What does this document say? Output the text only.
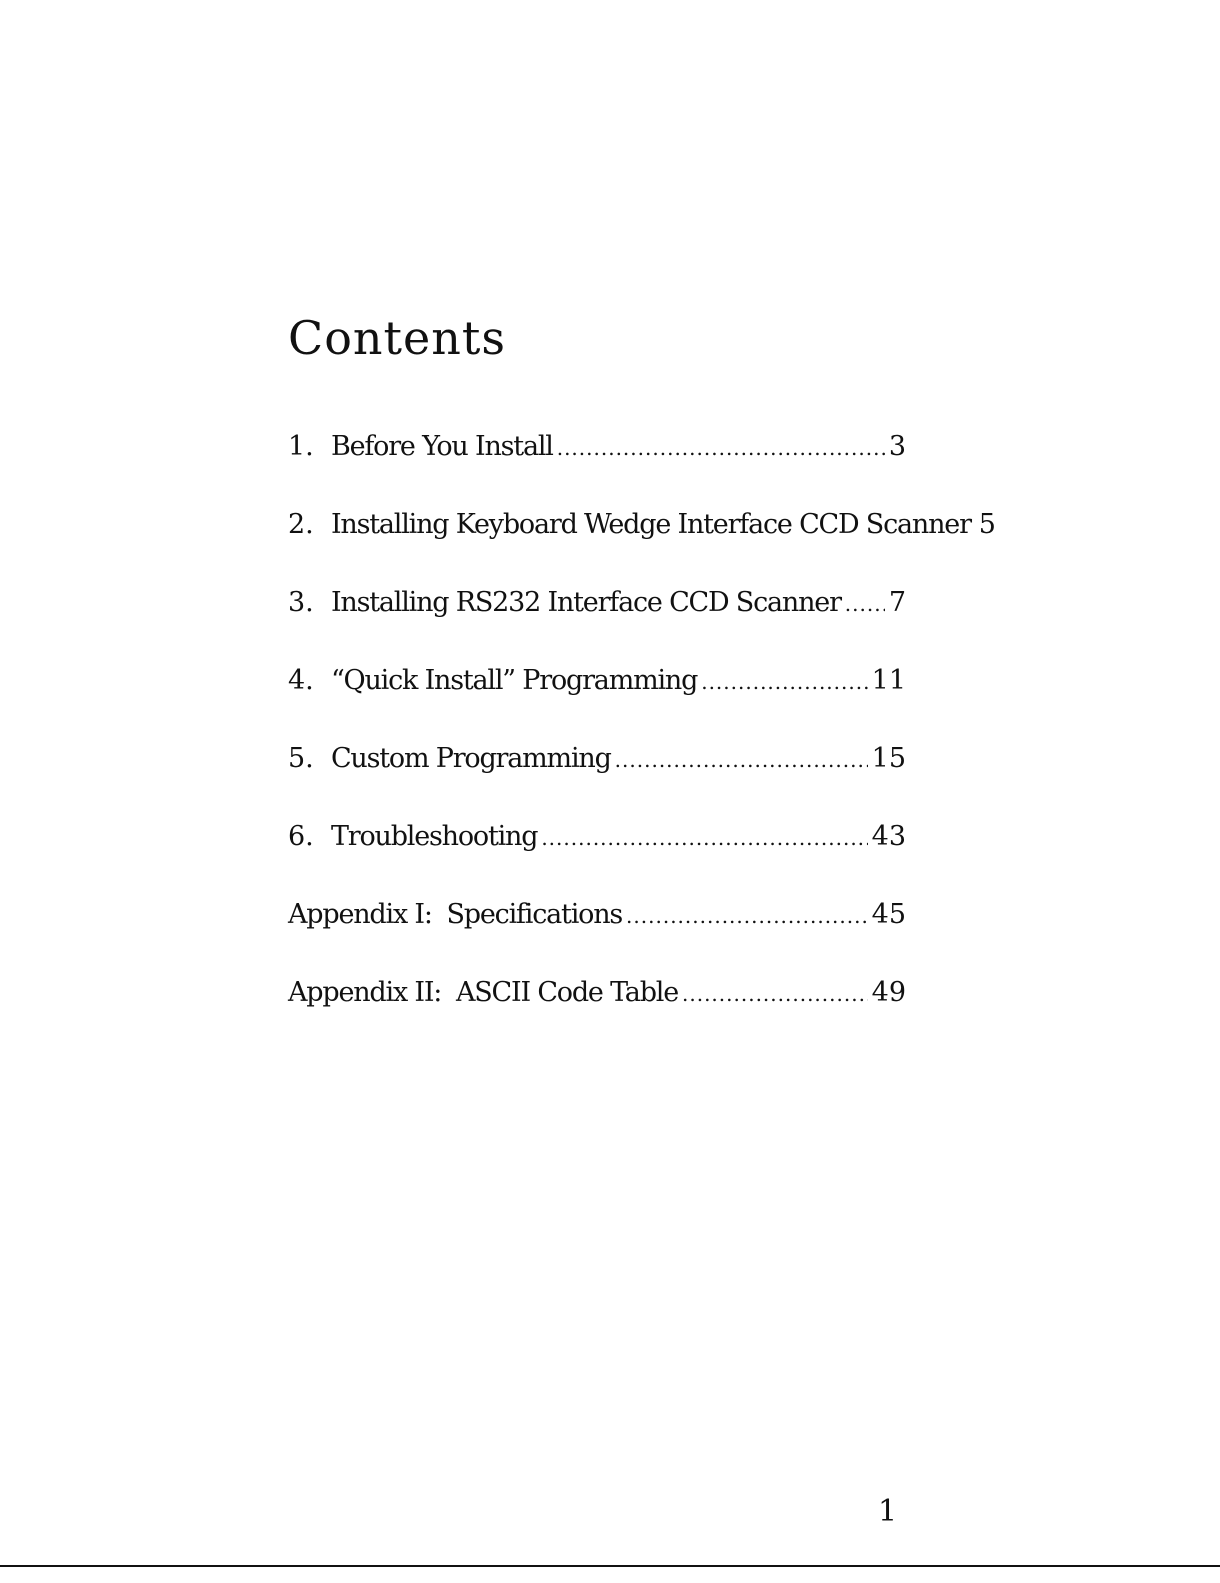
Contents
1. Before You Install .....	3
2. Installing Keyboard Wedge Interface CCD Scanner 5
3. Installing RS232 Interface CCD Scanner ..... 7
4. “Quick Install” Programming .....	11
5. Custom Programming .....	15
6. Troubleshooting .....	43
Appendix I:  Specifications .....	45
Appendix II:  ASCII Code Table .....	49
1
